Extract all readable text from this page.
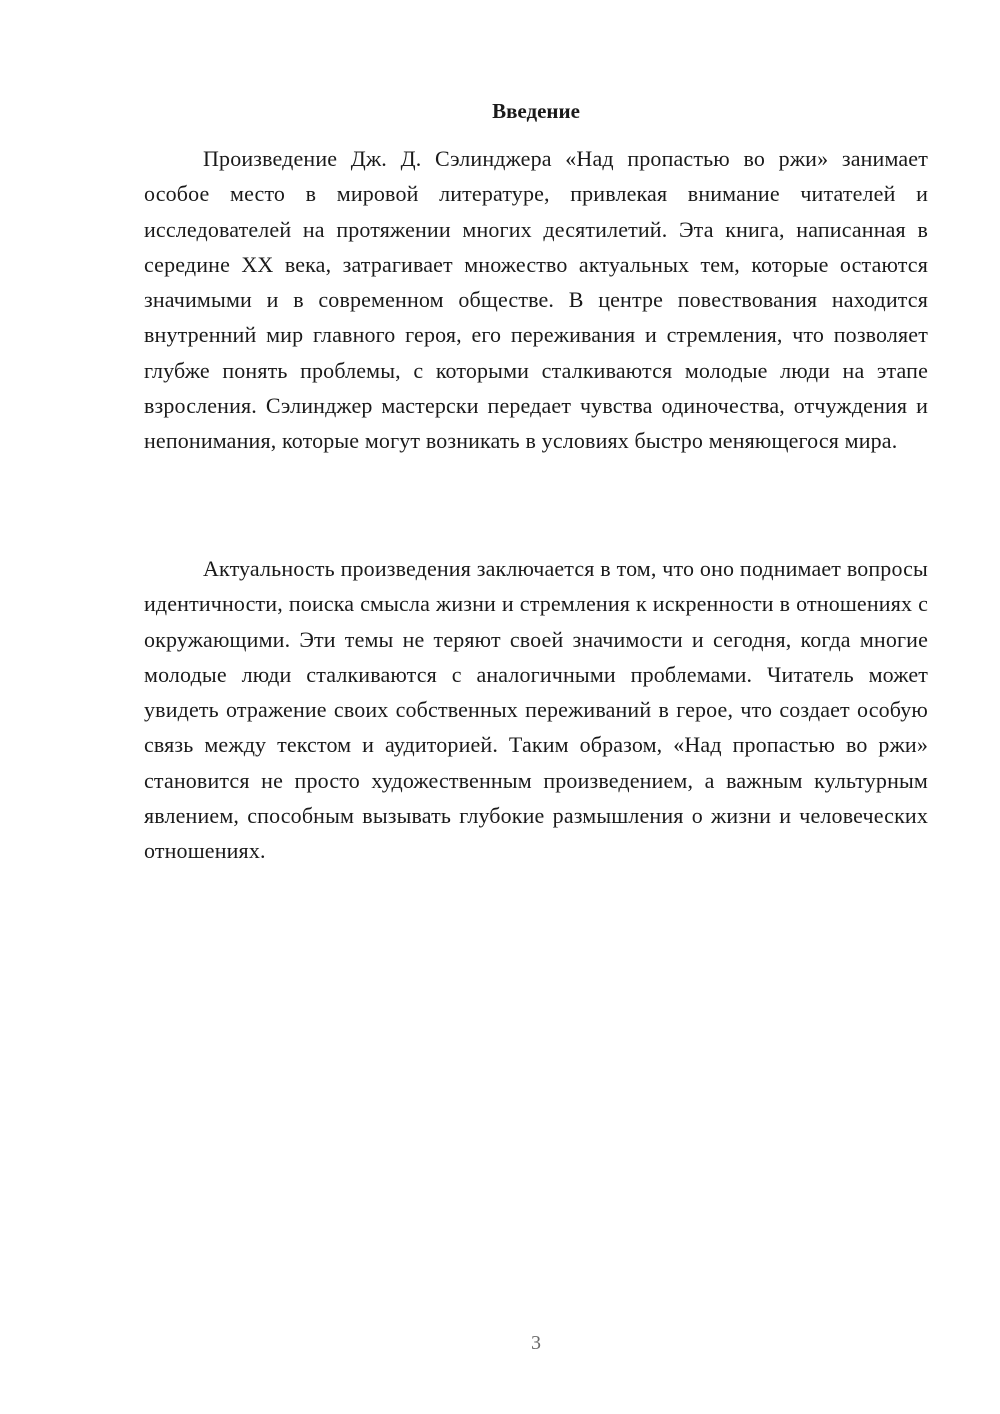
Введение

Произведение Дж. Д. Сэлинджера «Над пропастью во ржи» занимает особое место в мировой литературе, привлекая внимание читателей и исследователей на протяжении многих десятилетий. Эта книга, написанная в середине XX века, затрагивает множество актуальных тем, которые остаются значимыми и в современном обществе. В центре повествования находится внутренний мир главного героя, его переживания и стремления, что позволяет глубже понять проблемы, с которыми сталкиваются молодые люди на этапе взросления. Сэлинджер мастерски передает чувства одиночества, отчуждения и непонимания, которые могут возникать в условиях быстро меняющегося мира.

Актуальность произведения заключается в том, что оно поднимает вопросы идентичности, поиска смысла жизни и стремления к искренности в отношениях с окружающими. Эти темы не теряют своей значимости и сегодня, когда многие молодые люди сталкиваются с аналогичными проблемами. Читатель может увидеть отражение своих собственных переживаний в герое, что создает особую связь между текстом и аудиторией. Таким образом, «Над пропастью во ржи» становится не просто художественным произведением, а важным культурным явлением, способным вызывать глубокие размышления о жизни и человеческих отношениях.

3
